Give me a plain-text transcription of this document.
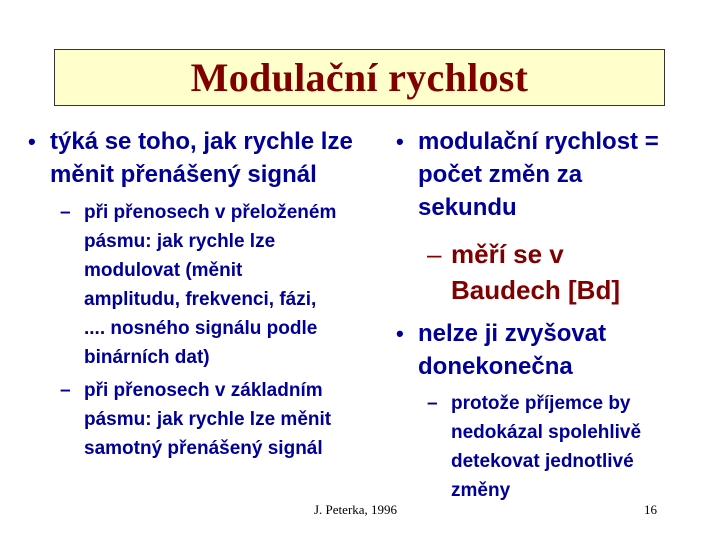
Modulační rychlost
• týká se toho, jak rychle lze
měnit přenášený signál
– při přenosech v přeloženém
pásmu: jak rychle lze
modulovat (měnit
amplitudu, frekvenci, fázi,
.... nosného signálu podle
binárních dat)
– při přenosech v základním
pásmu: jak rychle lze měnit
samotný přenášený signál
• modulační rychlost =
počet změn za
sekundu
– měří se v
Baudech [Bd]
• nelze ji zvyšovat
donekonečna
– protože příjemce by
nedokázal spolehlivě
detekovat jednotlivé
změny
J. Peterka, 1996	16
